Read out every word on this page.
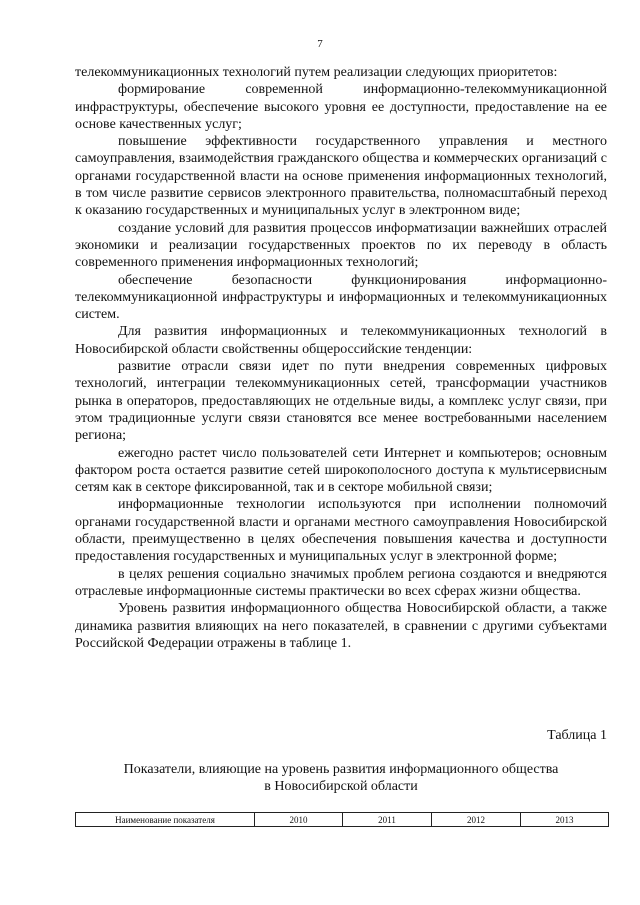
7

телекоммуникационных технологий путем реализации следующих приоритетов:

формирование современной информационно-телекоммуникационной инфраструктуры, обеспечение высокого уровня ее доступности, предоставление на ее основе качественных услуг;

повышение эффективности государственного управления и местного самоуправления, взаимодействия гражданского общества и коммерческих организаций с органами государственной власти на основе применения информационных технологий, в том числе развитие сервисов электронного правительства, полномасштабный переход к оказанию государственных и муниципальных услуг в электронном виде;

создание условий для развития процессов информатизации важнейших отраслей экономики и реализации государственных проектов по их переводу в область современного применения информационных технологий;

обеспечение безопасности функционирования информационно-телекоммуникационной инфраструктуры и информационных и телекоммуникационных систем.

Для развития информационных и телекоммуникационных технологий в Новосибирской области свойственны общероссийские тенденции:

развитие отрасли связи идет по пути внедрения современных цифровых технологий, интеграции телекоммуникационных сетей, трансформации участников рынка в операторов, предоставляющих не отдельные виды, а комплекс услуг связи, при этом традиционные услуги связи становятся все менее востребованными населением региона;

ежегодно растет число пользователей сети Интернет и компьютеров; основным фактором роста остается развитие сетей широкополосного доступа к мультисервисным сетям как в секторе фиксированной, так и в секторе мобильной связи;

информационные технологии используются при исполнении полномочий органами государственной власти и органами местного самоуправления Новосибирской области, преимущественно в целях обеспечения повышения качества и доступности предоставления государственных и муниципальных услуг в электронной форме;

в целях решения социально значимых проблем региона создаются и внедряются отраслевые информационные системы практически во всех сферах жизни общества.

Уровень развития информационного общества Новосибирской области, а также динамика развития влияющих на него показателей, в сравнении с другими субъектами Российской Федерации отражены в таблице 1.

Таблица 1
Показатели, влияющие на уровень развития информационного общества
в Новосибирской области
Наименование показателя	2010	2011	2012	2013
